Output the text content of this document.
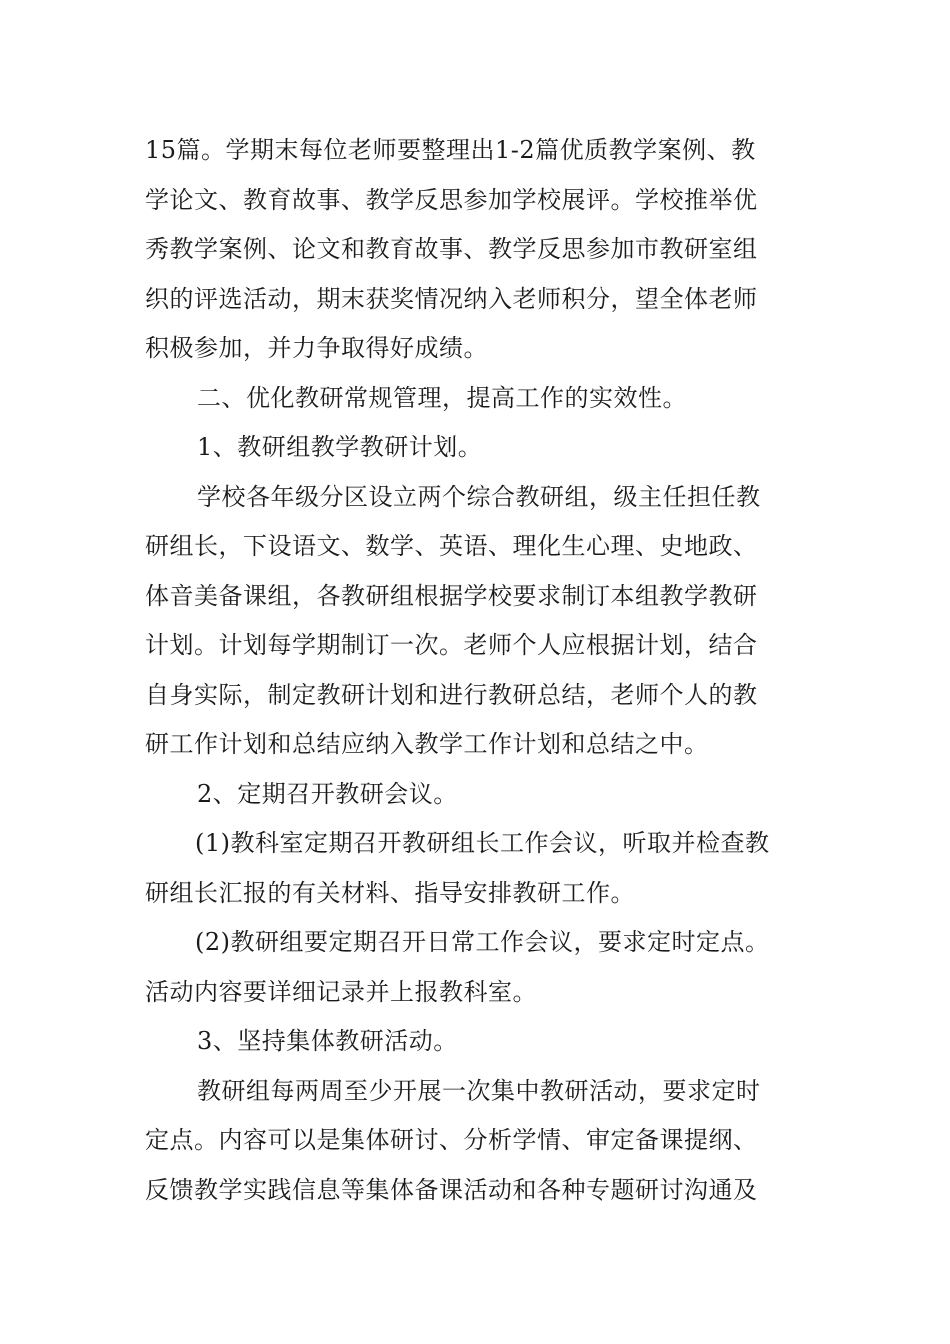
15篇。学期末每位老师要整理出1-2篇优质教学案例、教
学论文、教育故事、教学反思参加学校展评。学校推举优
秀教学案例、论文和教育故事、教学反思参加市教研室组
织的评选活动，期末获奖情况纳入老师积分，望全体老师
积极参加，并力争取得好成绩。
二、优化教研常规管理，提高工作的实效性。
1、教研组教学教研计划。
学校各年级分区设立两个综合教研组，级主任担任教
研组长，下设语文、数学、英语、理化生心理、史地政、
体音美备课组，各教研组根据学校要求制订本组教学教研
计划。计划每学期制订一次。老师个人应根据计划，结合
自身实际，制定教研计划和进行教研总结，老师个人的教
研工作计划和总结应纳入教学工作计划和总结之中。
2、定期召开教研会议。
(1)教科室定期召开教研组长工作会议，听取并检查教
研组长汇报的有关材料、指导安排教研工作。
(2)教研组要定期召开日常工作会议，要求定时定点。
活动内容要详细记录并上报教科室。
3、坚持集体教研活动。
教研组每两周至少开展一次集中教研活动，要求定时
定点。内容可以是集体研讨、分析学情、审定备课提纲、
反馈教学实践信息等集体备课活动和各种专题研讨沟通及
